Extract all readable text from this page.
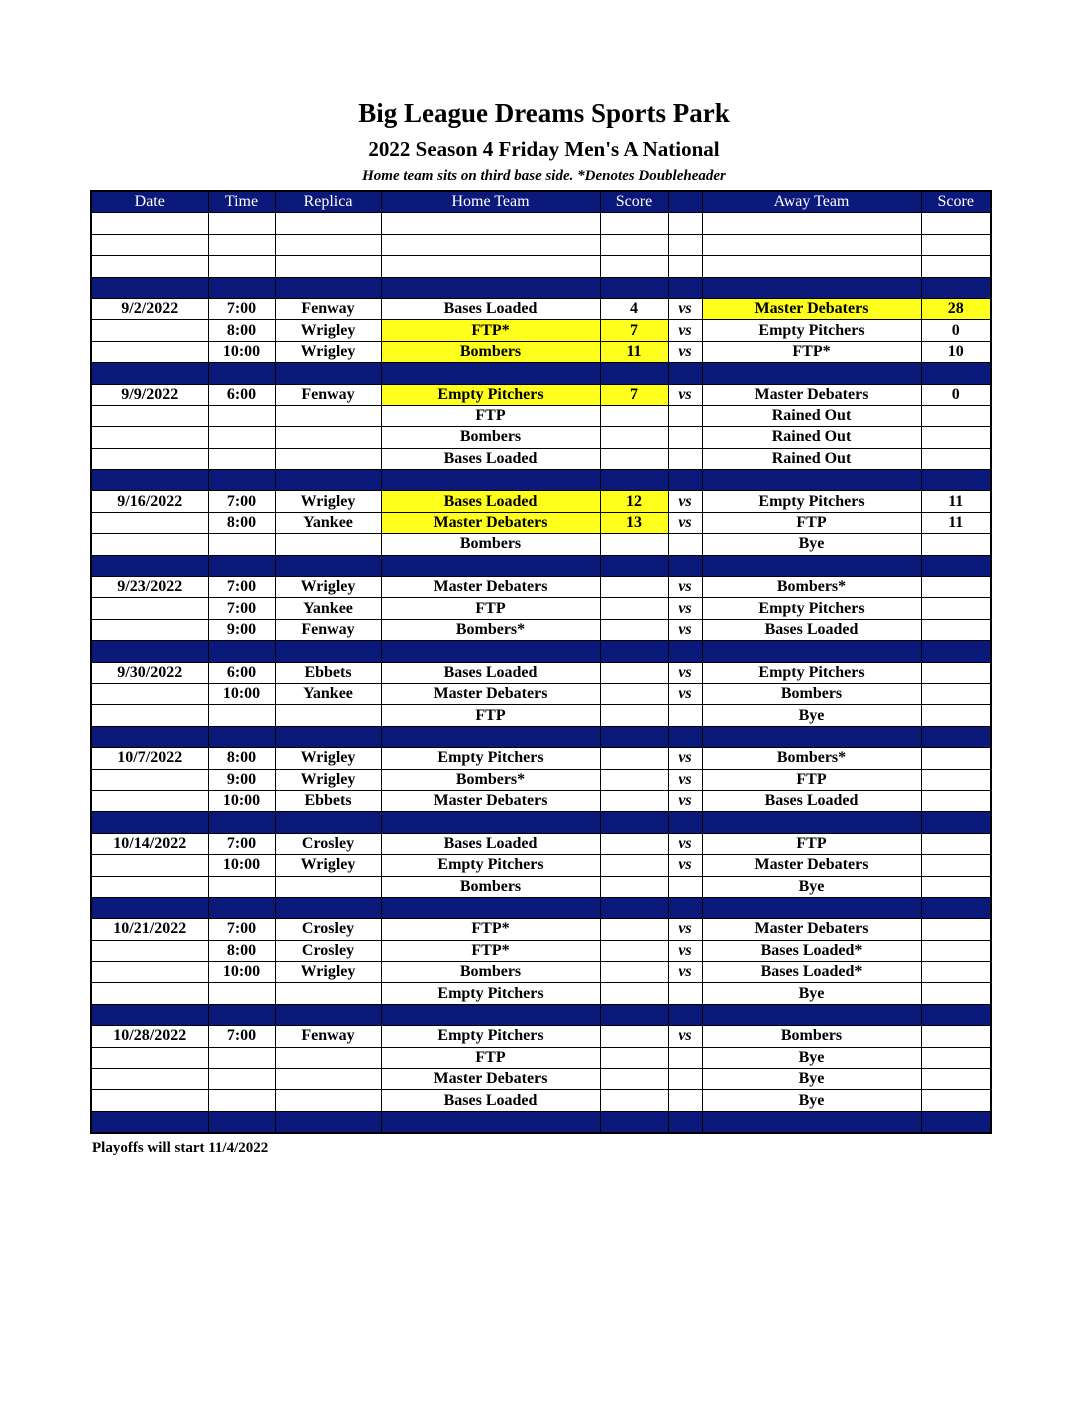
Big League Dreams Sports Park
2022 Season 4 Friday Men's A National
Home team sits on third base side. *Denotes Doubleheader
Date	Time	Replica	Home Team	Score		Away Team	Score

9/2/2022	7:00	Fenway	Bases Loaded	4	vs	Master Debaters	28
	8:00	Wrigley	FTP*	7	vs	Empty Pitchers	0
	10:00	Wrigley	Bombers	11	vs	FTP*	10

9/9/2022	6:00	Fenway	Empty Pitchers	7	vs	Master Debaters	0
			FTP			Rained Out	
			Bombers			Rained Out	
			Bases Loaded			Rained Out	

9/16/2022	7:00	Wrigley	Bases Loaded	12	vs	Empty Pitchers	11
	8:00	Yankee	Master Debaters	13	vs	FTP	11
			Bombers			Bye	

9/23/2022	7:00	Wrigley	Master Debaters		vs	Bombers*	
	7:00	Yankee	FTP		vs	Empty Pitchers	
	9:00	Fenway	Bombers*		vs	Bases Loaded	

9/30/2022	6:00	Ebbets	Bases Loaded		vs	Empty Pitchers	
	10:00	Yankee	Master Debaters		vs	Bombers	
			FTP			Bye	

10/7/2022	8:00	Wrigley	Empty Pitchers		vs	Bombers*	
	9:00	Wrigley	Bombers*		vs	FTP	
	10:00	Ebbets	Master Debaters		vs	Bases Loaded	

10/14/2022	7:00	Crosley	Bases Loaded		vs	FTP	
	10:00	Wrigley	Empty Pitchers		vs	Master Debaters	
			Bombers			Bye	

10/21/2022	7:00	Crosley	FTP*		vs	Master Debaters	
	8:00	Crosley	FTP*		vs	Bases Loaded*	
	10:00	Wrigley	Bombers		vs	Bases Loaded*	
			Empty Pitchers			Bye	

10/28/2022	7:00	Fenway	Empty Pitchers		vs	Bombers	
			FTP			Bye	
			Master Debaters			Bye	
			Bases Loaded			Bye	

Playoffs will start 11/4/2022
